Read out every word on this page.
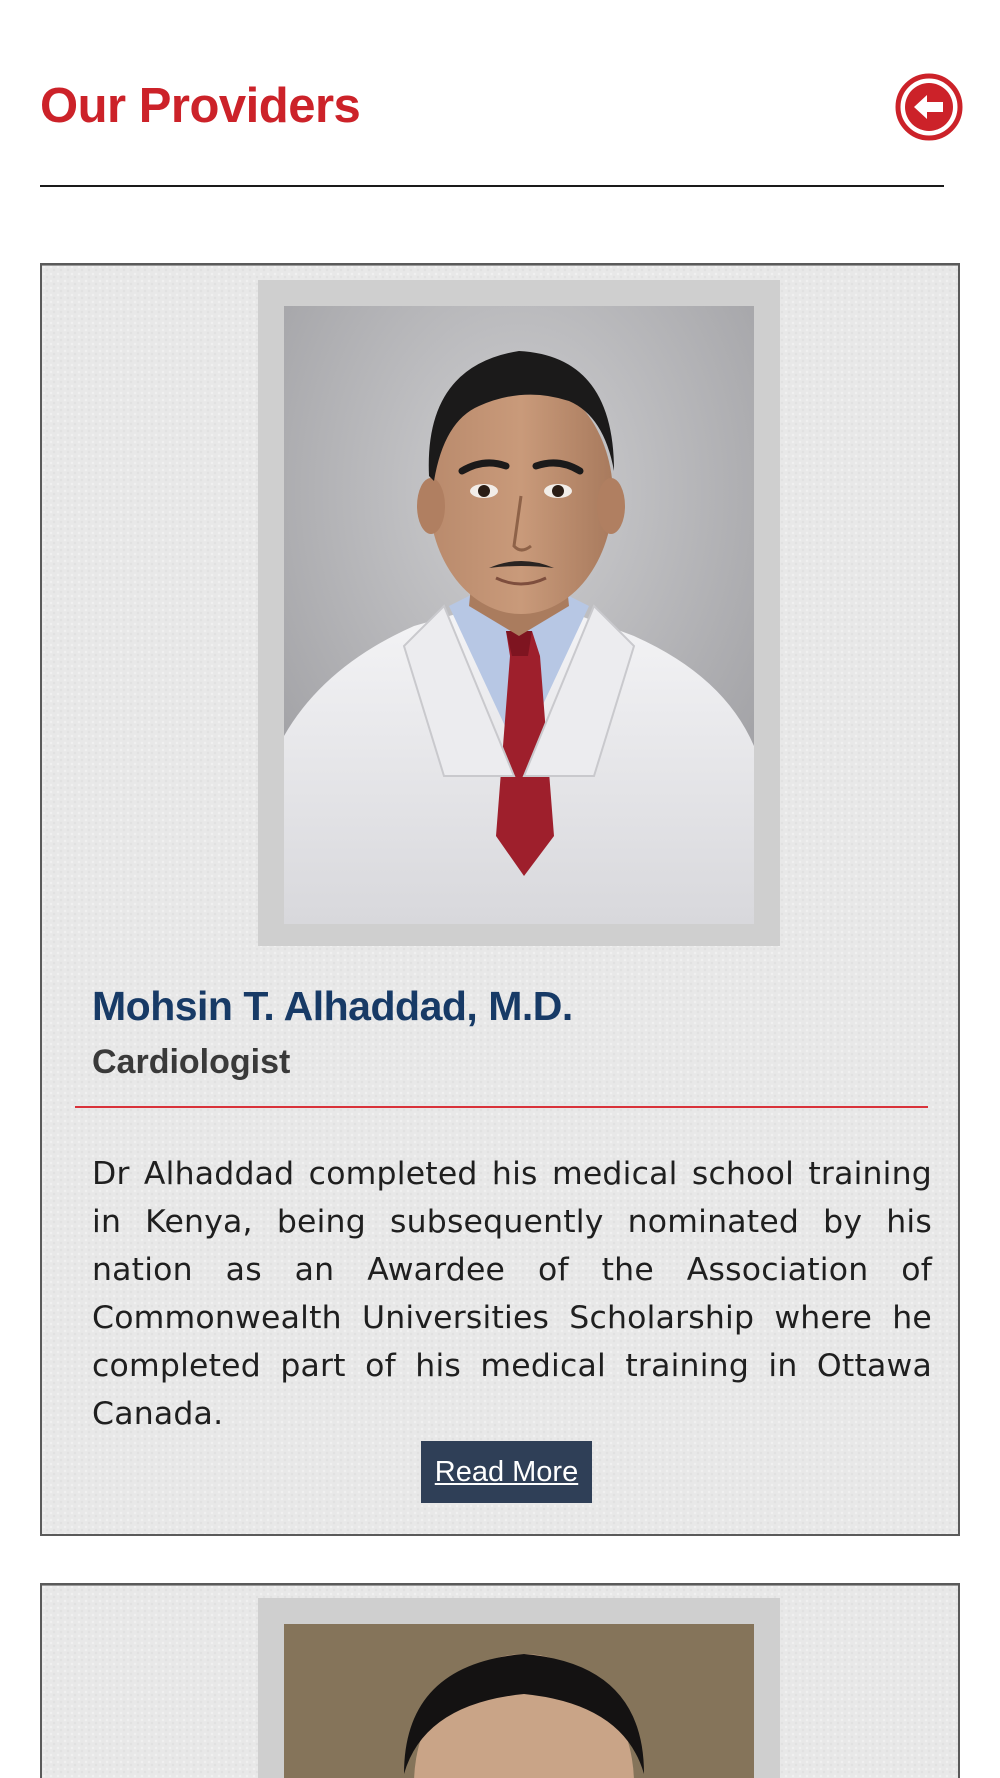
Our Providers
Mohsin T. Alhaddad, M.D.
Cardiologist

Dr Alhaddad completed his medical school training in Kenya, being subsequently nominated by his nation as an Awardee of the Association of Commonwealth Universities Scholarship where he completed part of his medical training in Ottawa Canada.

Read More
